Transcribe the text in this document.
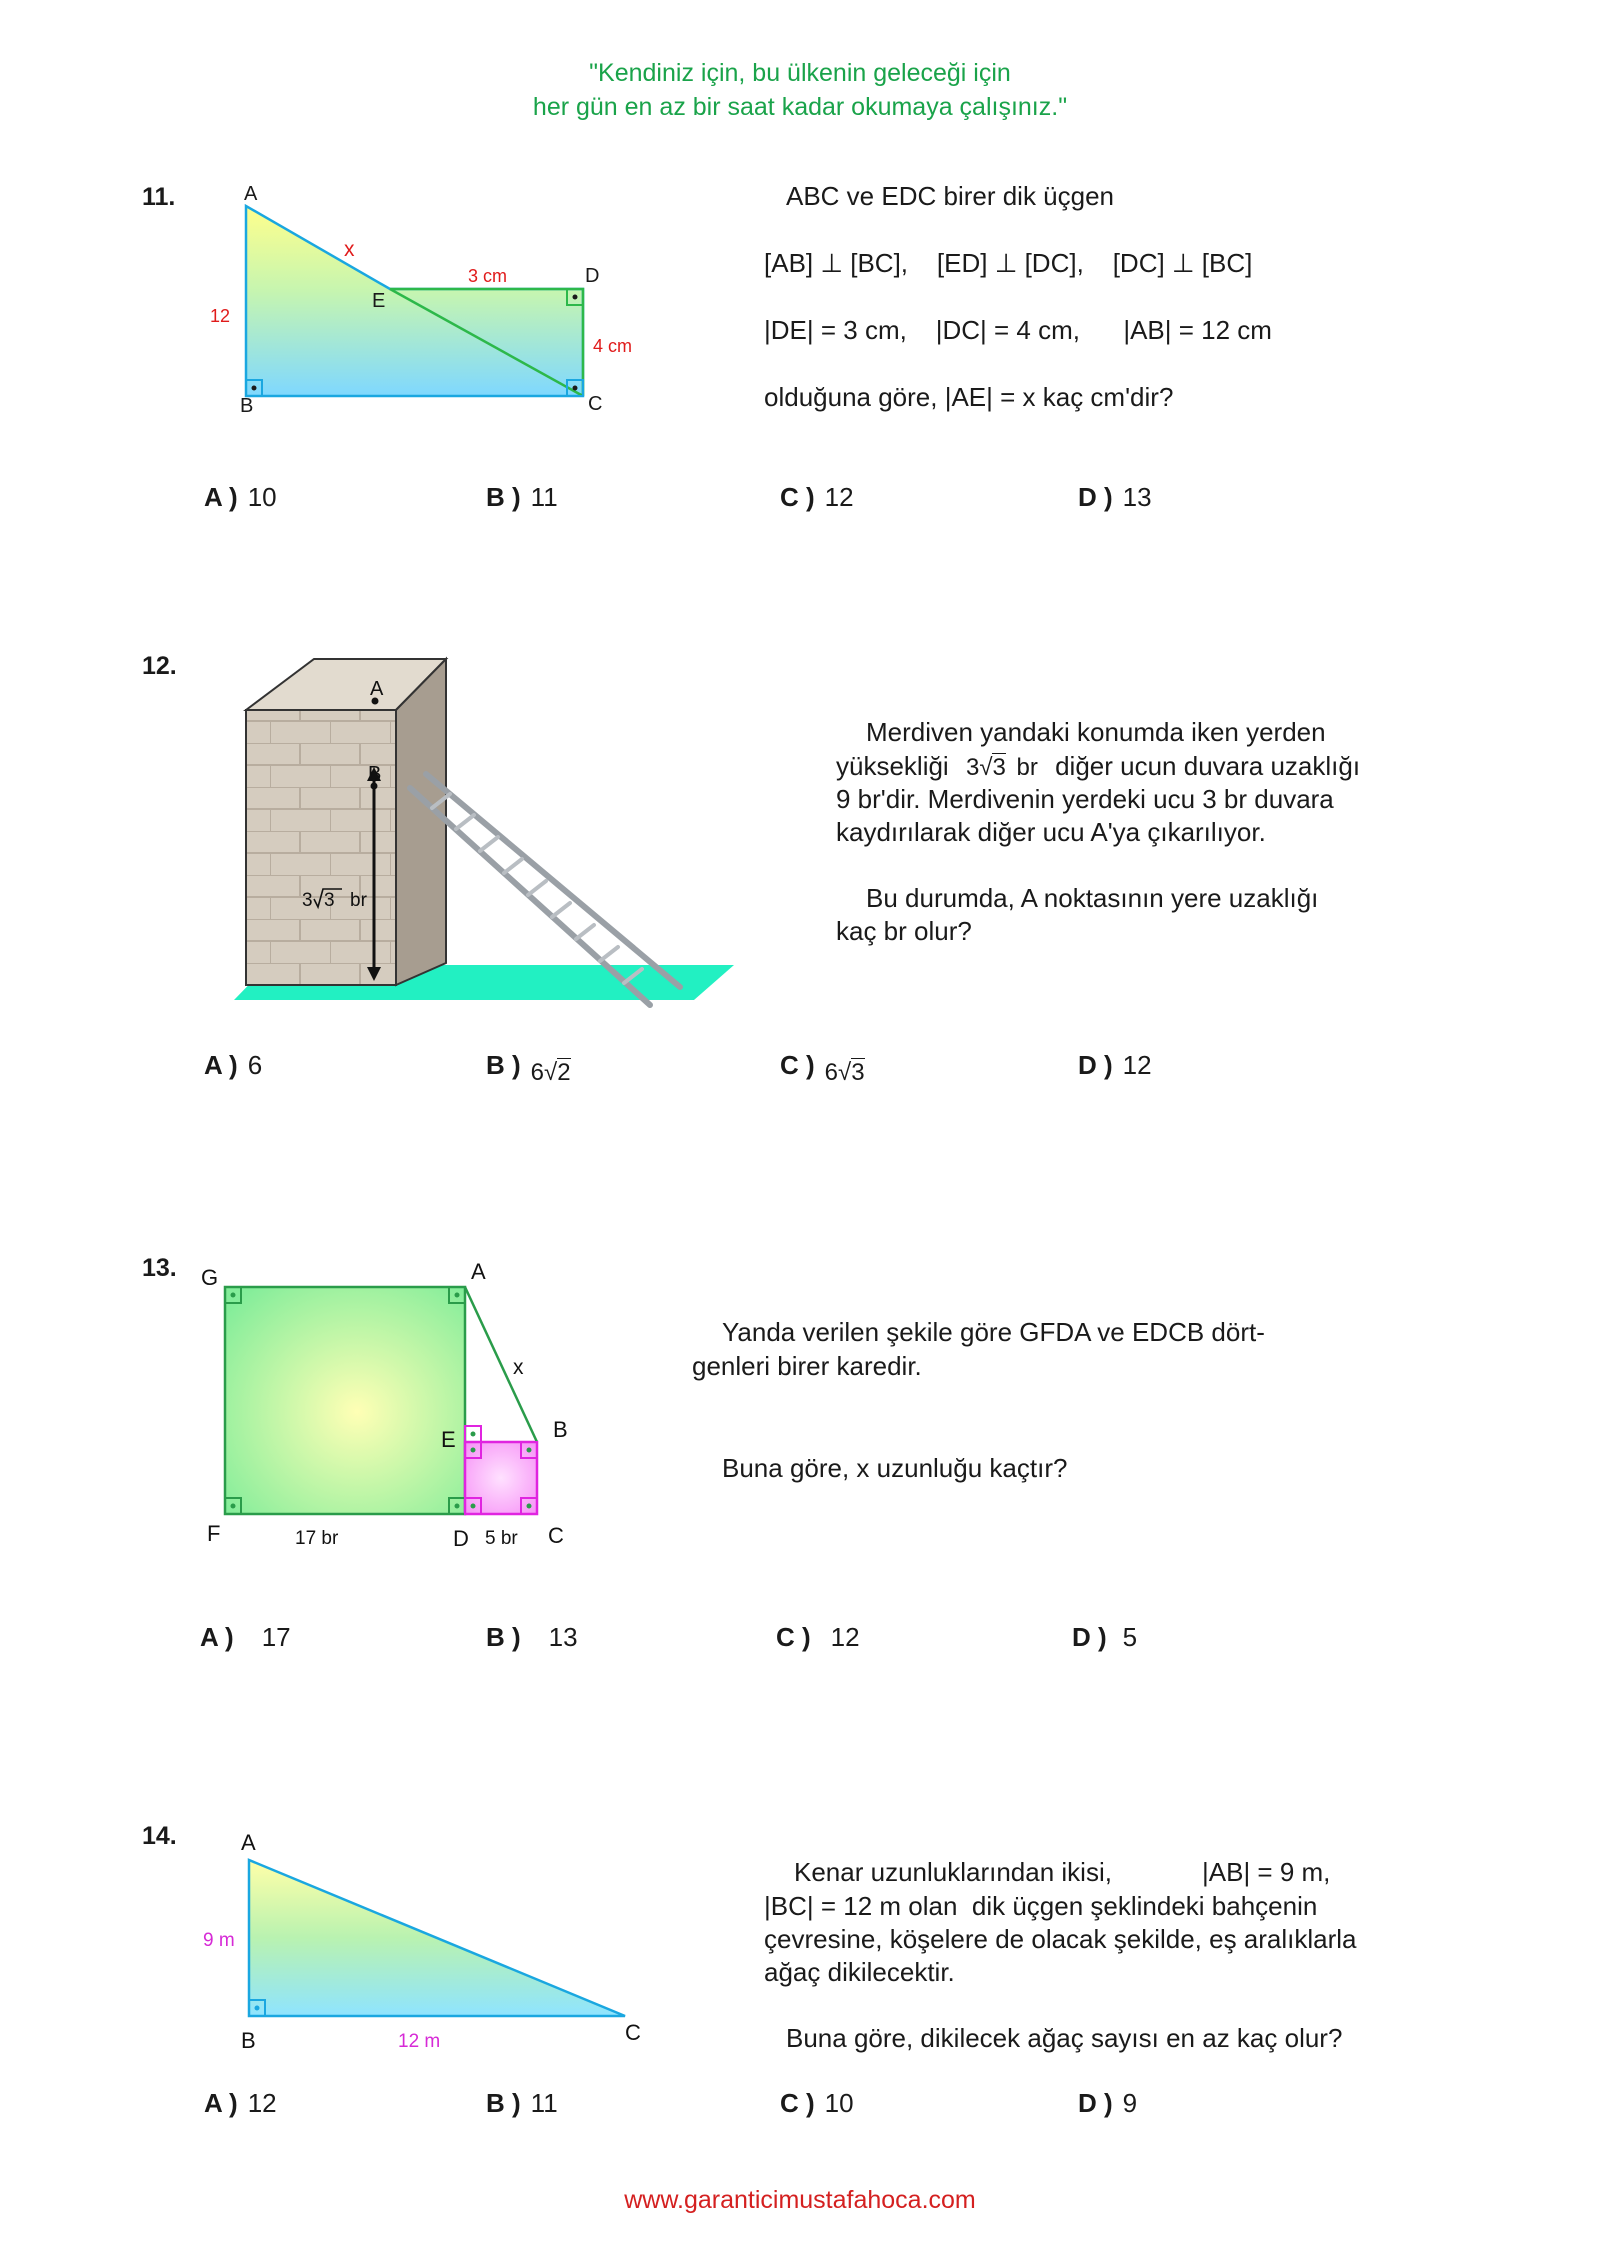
"Kendiniz için, bu ülkenin geleceği için
her gün en az bir saat kadar okumaya çalışınız."
11.	A
B	C
D
E
x
12
3 cm
4 cm
ABC ve EDC birer dik üçgen
[AB] ⊥ [BC],    [ED] ⊥ [DC],    [DC] ⊥ [BC]
|DE| = 3 cm,    |DC| = 4 cm,      |AB| = 12 cm
olduğuna göre, |AE| = x kaç cm'dir?
A ) 10	B ) 11	C ) 12	D ) 13
12.
A
B
3 3 br
Merdiven yandaki konumda iken yerden
yüksekliği 3√3 br diğer ucun duvara uzaklığı
9 br'dir. Merdivenin yerdeki ucu 3 br duvara
kaydırılarak diğer ucu A'ya çıkarılıyor.
Bu durumda, A noktasının yere uzaklığı
kaç br olur?
A ) 6	B ) 6√2	C ) 6√3	D ) 12
13. G	A
x
E	B
F	D	C
17 br	5 br
Yanda verilen şekile göre GFDA ve EDCB dört-
genleri birer karedir.
Buna göre, x uzunluğu kaçtır?
A ) 17	B ) 13	C ) 12	D ) 5
14.	A
B	C
9 m
12 m
Kenar uzunluklarından ikisi,	|AB| = 9 m,
|BC| = 12 m olan  dik üçgen şeklindeki bahçenin
çevresine, köşelere de olacak şekilde, eş aralıklarla
ağaç dikilecektir.
Buna göre, dikilecek ağaç sayısı en az kaç olur?
A ) 12	B ) 11	C ) 10	D ) 9
www.garanticimustafahoca.com
